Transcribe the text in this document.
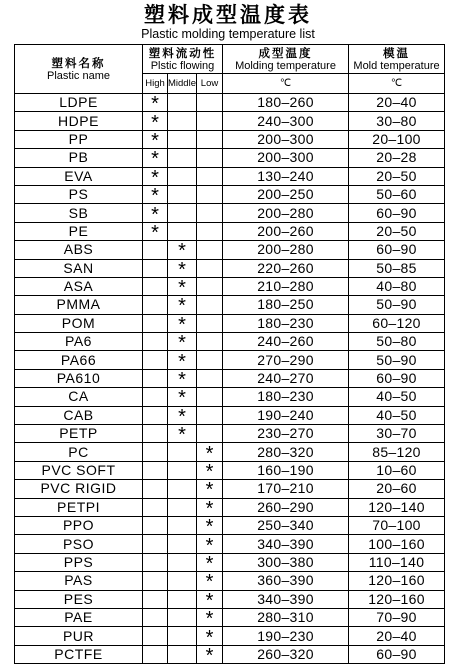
塑料成型温度表
Plastic molding temperature list
塑料名称
Plastic name	塑料流动性
Plstic flowing			成型温度
Molding temperature	模温
Mold temperature

	High	Middle	Low	℃	℃
LDPE	*			180–260	20–40
HDPE	*			240–300	30–80
PP	*			200–300	20–100
PB	*			200–300	20–28
EVA	*			130–240	20–50
PS	*			200–250	50–60
SB	*			200–280	60–90
PE	*			200–260	20–50
ABS		*		200–280	60–90
SAN		*		220–260	50–85
ASA		*		210–280	40–80
PMMA		*		180–250	50–90
POM		*		180–230	60–120
PA6		*		240–260	50–80
PA66		*		270–290	50–90
PA610		*		240–270	60–90
CA		*		180–230	40–50
CAB		*		190–240	40–50
PETP		*		230–270	30–70
PC			*	280–320	85–120
PVC SOFT			*	160–190	10–60
PVC RIGID			*	170–210	20–60
PETPI			*	260–290	120–140
PPO			*	250–340	70–100
PSO			*	340–390	100–160
PPS			*	300–380	110–140
PAS			*	360–390	120–160
PES			*	340–390	120–160
PAE			*	280–310	70–90
PUR			*	190–230	20–40
PCTFE			*	260–320	60–90
